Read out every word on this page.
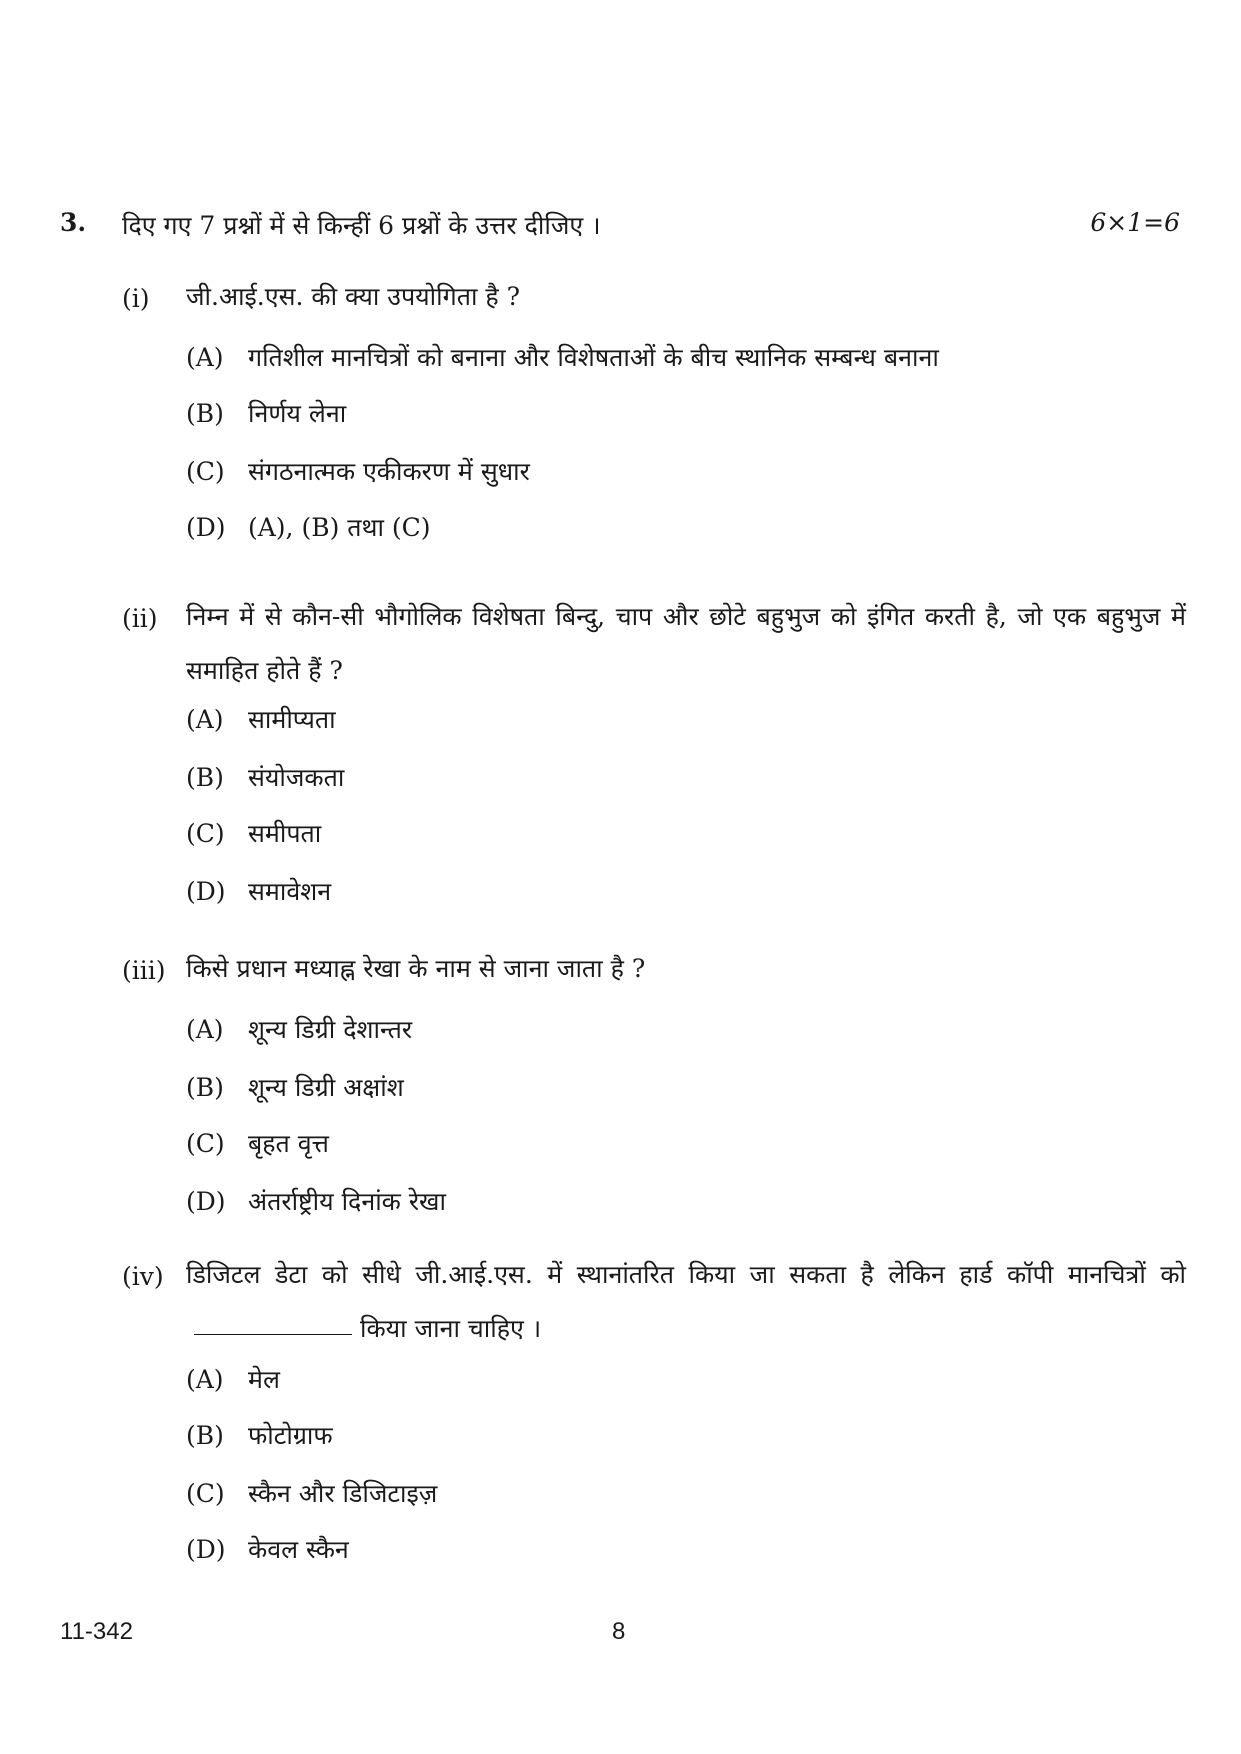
3. दिए गए 7 प्रश्नों में से किन्हीं 6 प्रश्नों के उत्तर दीजिए ।	6×1=6
(i) जी.आई.एस. की क्या उपयोगिता है ?
(A) गतिशील मानचित्रों को बनाना और विशेषताओं के बीच स्थानिक सम्बन्ध बनाना
(B) निर्णय लेना
(C) संगठनात्मक एकीकरण में सुधार
(D) (A), (B) तथा (C)
(ii) निम्न में से कौन-सी भौगोलिक विशेषता बिन्दु, चाप और छोटे बहुभुज को इंगित करती है, जो एक बहुभुज में समाहित होते हैं ?
(A) सामीप्यता
(B) संयोजकता
(C) समीपता
(D) समावेशन
(iii) किसे प्रधान मध्याह्न रेखा के नाम से जाना जाता है ?
(A) शून्य डिग्री देशान्तर
(B) शून्य डिग्री अक्षांश
(C) बृहत वृत्त
(D) अंतर्राष्ट्रीय दिनांक रेखा
(iv) डिजिटल डेटा को सीधे जी.आई.एस. में स्थानांतरित किया जा सकता है लेकिन हार्ड कॉपी मानचित्रों कोकिया जाना चाहिए ।
(A) मेल
(B) फोटोग्राफ
(C) स्कैन और डिजिटाइज़
(D) केवल स्कैन
11-342	8
